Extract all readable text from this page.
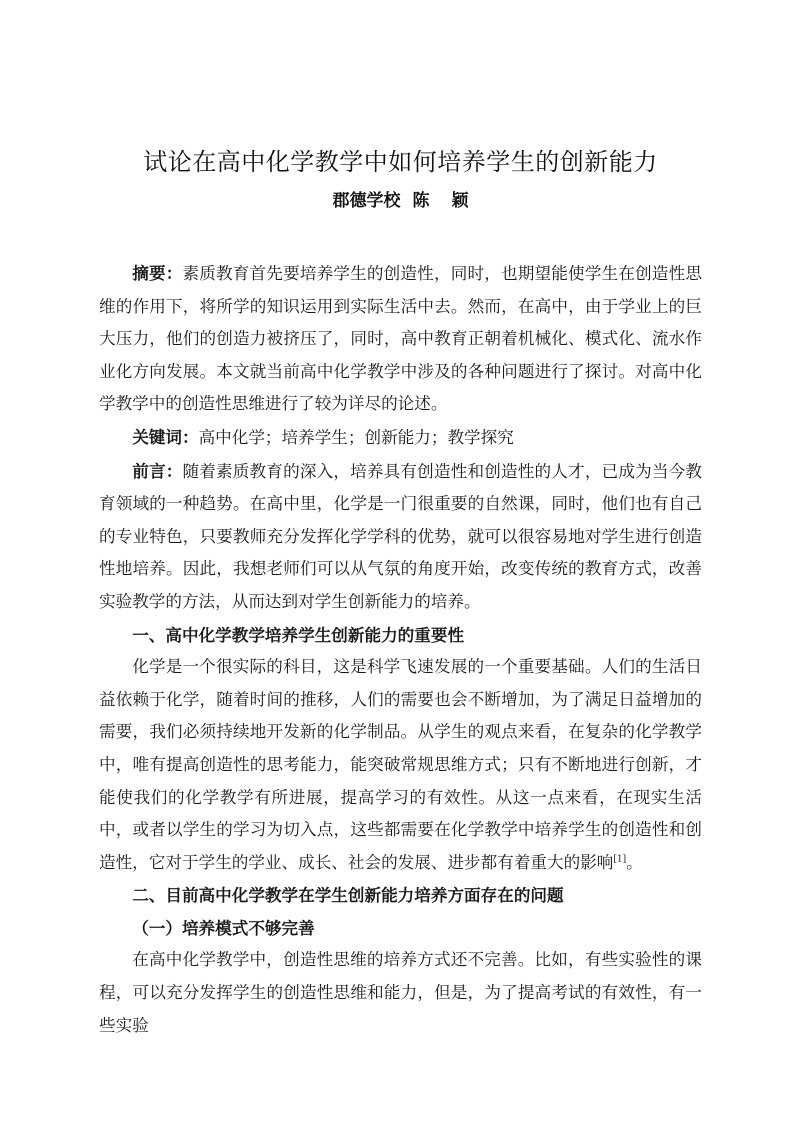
试论在高中化学教学中如何培养学生的创新能力
郡德学校 陈 颖

摘要：素质教育首先要培养学生的创造性，同时，也期望能使学生在创造性思维的作用下，将所学的知识运用到实际生活中去。然而，在高中，由于学业上的巨大压力，他们的创造力被挤压了，同时，高中教育正朝着机械化、模式化、流水作业化方向发展。本文就当前高中化学教学中涉及的各种问题进行了探讨。对高中化学教学中的创造性思维进行了较为详尽的论述。

关键词：高中化学；培养学生；创新能力；教学探究

前言：随着素质教育的深入，培养具有创造性和创造性的人才，已成为当今教育领域的一种趋势。在高中里，化学是一门很重要的自然课，同时，他们也有自己的专业特色，只要教师充分发挥化学学科的优势，就可以很容易地对学生进行创造性地培养。因此，我想老师们可以从气氛的角度开始，改变传统的教育方式，改善实验教学的方法，从而达到对学生创新能力的培养。

一、高中化学教学培养学生创新能力的重要性

化学是一个很实际的科目，这是科学飞速发展的一个重要基础。人们的生活日益依赖于化学，随着时间的推移，人们的需要也会不断增加，为了满足日益增加的需要，我们必须持续地开发新的化学制品。从学生的观点来看，在复杂的化学教学中，唯有提高创造性的思考能力，能突破常规思维方式；只有不断地进行创新，才能使我们的化学教学有所进展，提高学习的有效性。从这一点来看，在现实生活中，或者以学生的学习为切入点，这些都需要在化学教学中培养学生的创造性和创造性，它对于学生的学业、成长、社会的发展、进步都有着重大的影响[1]。

二、目前高中化学教学在学生创新能力培养方面存在的问题

（一）培养模式不够完善

在高中化学教学中，创造性思维的培养方式还不完善。比如，有些实验性的课程，可以充分发挥学生的创造性思维和能力，但是，为了提高考试的有效性，有一些实验
